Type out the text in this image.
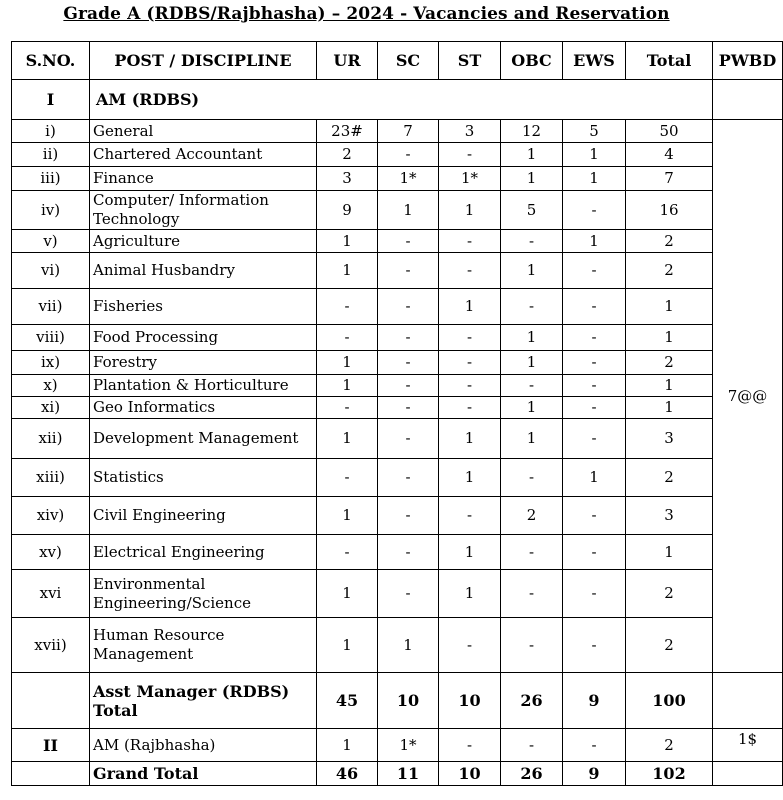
Grade A (RDBS/Rajbhasha) – 2024 - Vacancies and Reservation
S.NO.	POST / DISCIPLINE	UR	SC	ST	OBC	EWS	Total	PWBD
I	AM (RDBS)							
i)	General	23#	7	3	12	5	50	7@@
ii)	Chartered Accountant	2	-	-	1	1	4	
iii)	Finance	3	1*	1*	1	1	7	
iv)	Computer/ Information Technology	9	1	1	5	-	16	
v)	Agriculture	1	-	-	-	1	2	
vi)	Animal Husbandry	1	-	-	1	-	2	
vii)	Fisheries	-	-	1	-	-	1	
viii)	Food Processing	-	-	-	1	-	1	
ix)	Forestry	1	-	-	1	-	2	
x)	Plantation & Horticulture	1	-	-	-	-	1	
xi)	Geo Informatics	-	-	-	1	-	1	
xii)	Development Management	1	-	1	1	-	3	
xiii)	Statistics	-	-	1	-	1	2	
xiv)	Civil Engineering	1	-	-	2	-	3	
xv)	Electrical Engineering	-	-	1	-	-	1	
xvi	Environmental Engineering/Science	1	-	1	-	-	2	
xvii)	Human Resource Management	1	1	-	-	-	2	
	Asst Manager (RDBS) Total	45	10	10	26	9	100	
II	AM (Rajbhasha)	1	1*	-	-	-	2	1$
	Grand Total	46	11	10	26	9	102	
